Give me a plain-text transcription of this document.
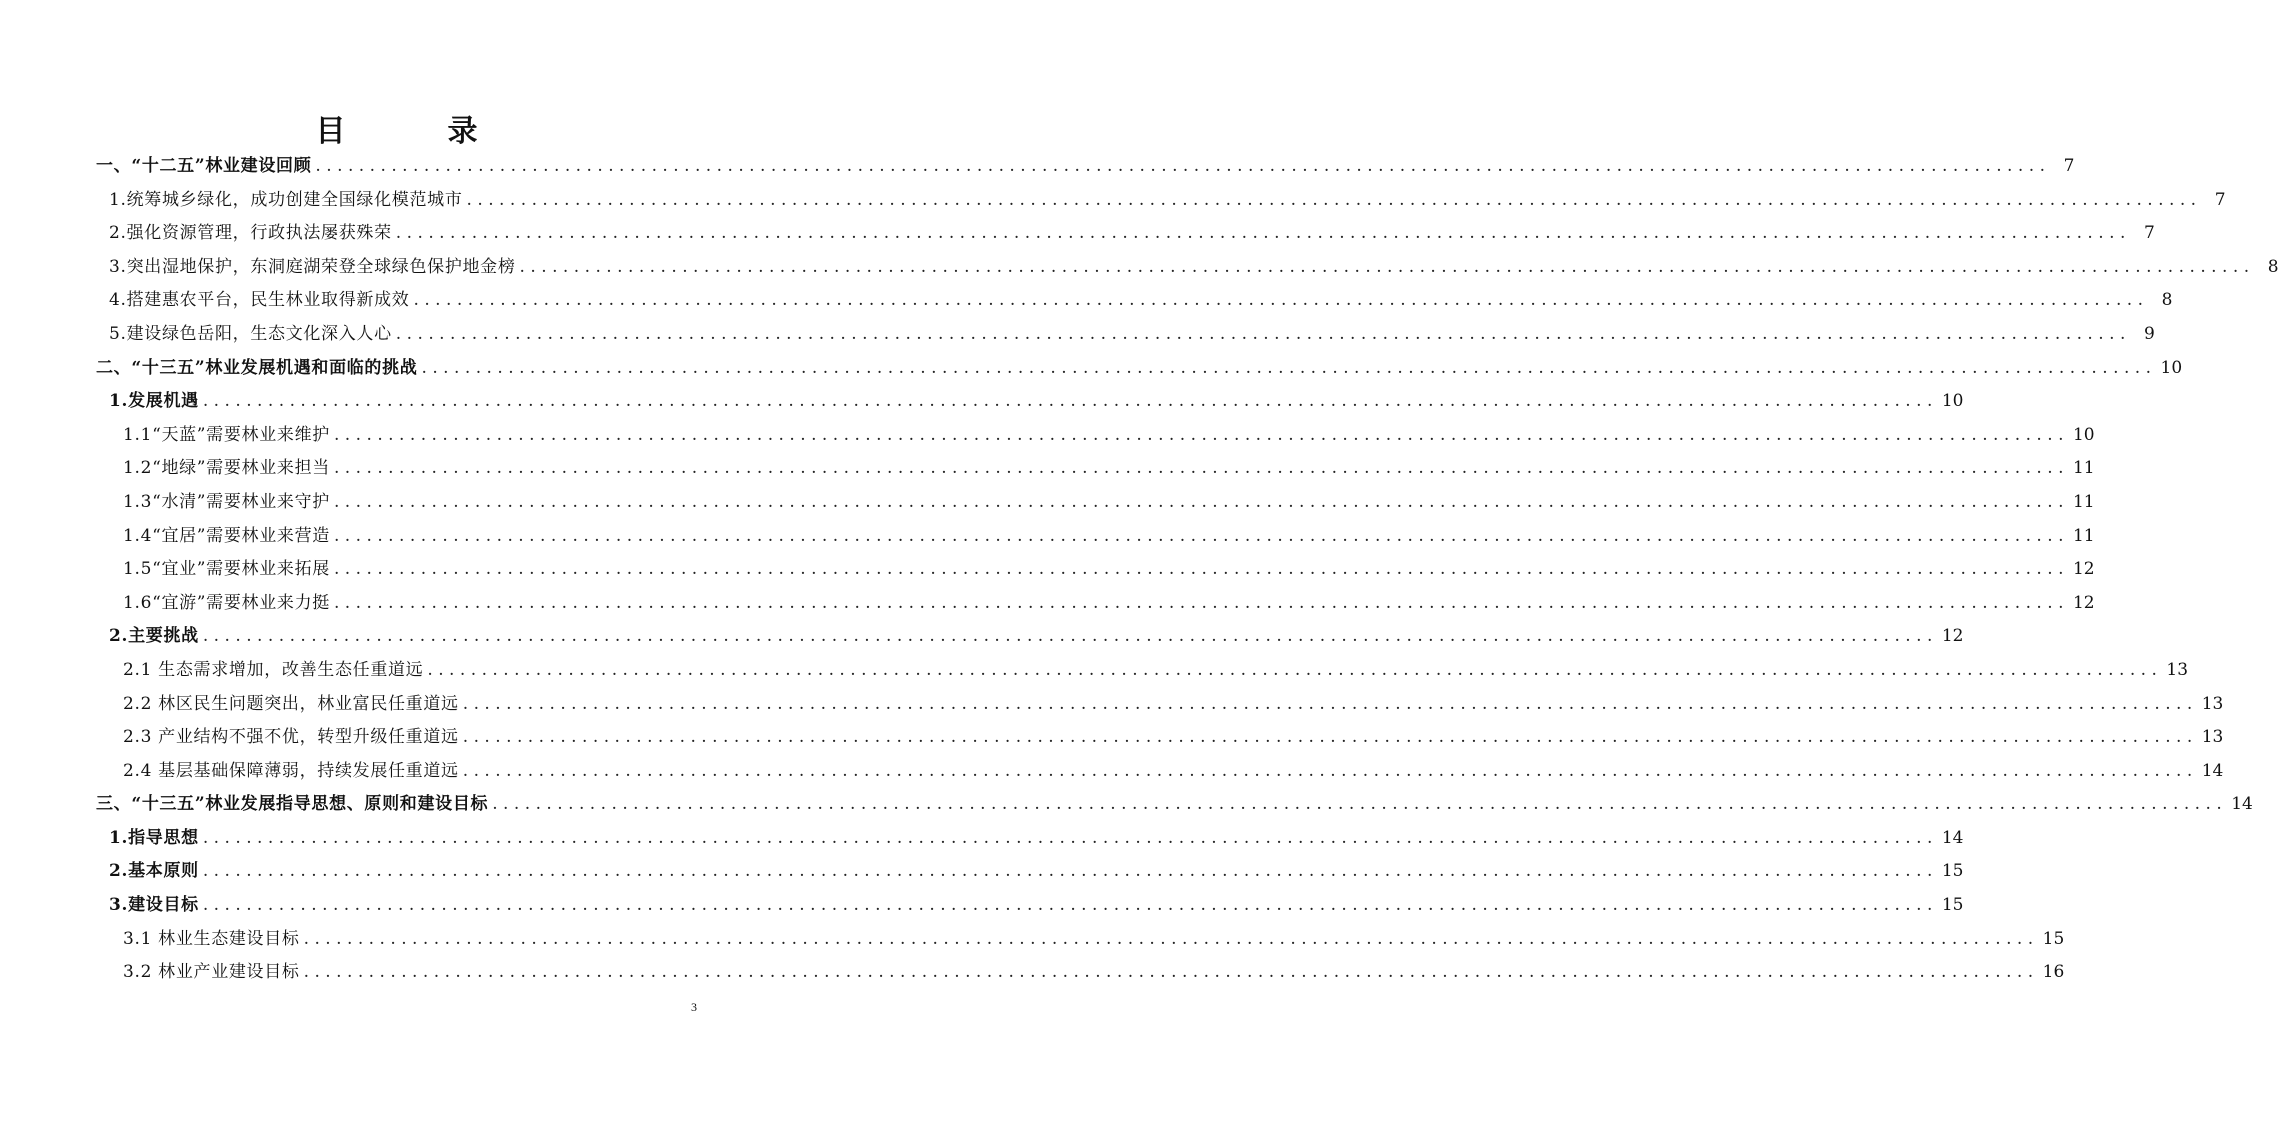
目　录
一、“十二五”林业建设回顾 ................................................................................................................................................................ 7
1.统筹城乡绿化，成功创建全国绿化模范城市 ................................................................................................................................................................ 7
2.强化资源管理，行政执法屡获殊荣 ................................................................................................................................................................ 7
3.突出湿地保护，东洞庭湖荣登全球绿色保护地金榜 ................................................................................................................................................................ 8
4.搭建惠农平台，民生林业取得新成效 ................................................................................................................................................................ 8
5.建设绿色岳阳，生态文化深入人心 ................................................................................................................................................................ 9
二、“十三五”林业发展机遇和面临的挑战 ................................................................................................................................................................ 10
1.发展机遇 ................................................................................................................................................................ 10
1.1“天蓝”需要林业来维护 ................................................................................................................................................................ 10
1.2“地绿”需要林业来担当 ................................................................................................................................................................ 11
1.3“水清”需要林业来守护 ................................................................................................................................................................ 11
1.4“宜居”需要林业来营造 ................................................................................................................................................................ 11
1.5“宜业”需要林业来拓展 ................................................................................................................................................................ 12
1.6“宜游”需要林业来力挺 ................................................................................................................................................................ 12
2.主要挑战 ................................................................................................................................................................ 12
2.1 生态需求增加，改善生态任重道远 ................................................................................................................................................................ 13
2.2 林区民生问题突出，林业富民任重道远 ................................................................................................................................................................ 13
2.3 产业结构不强不优，转型升级任重道远 ................................................................................................................................................................ 13
2.4 基层基础保障薄弱，持续发展任重道远 ................................................................................................................................................................ 14
三、“十三五”林业发展指导思想、原则和建设目标 ................................................................................................................................................................ 14
1.指导思想 ................................................................................................................................................................ 14
2.基本原则 ................................................................................................................................................................ 15
3.建设目标 ................................................................................................................................................................ 15
3.1 林业生态建设目标 ................................................................................................................................................................ 15
3.2 林业产业建设目标 ................................................................................................................................................................ 16
3
